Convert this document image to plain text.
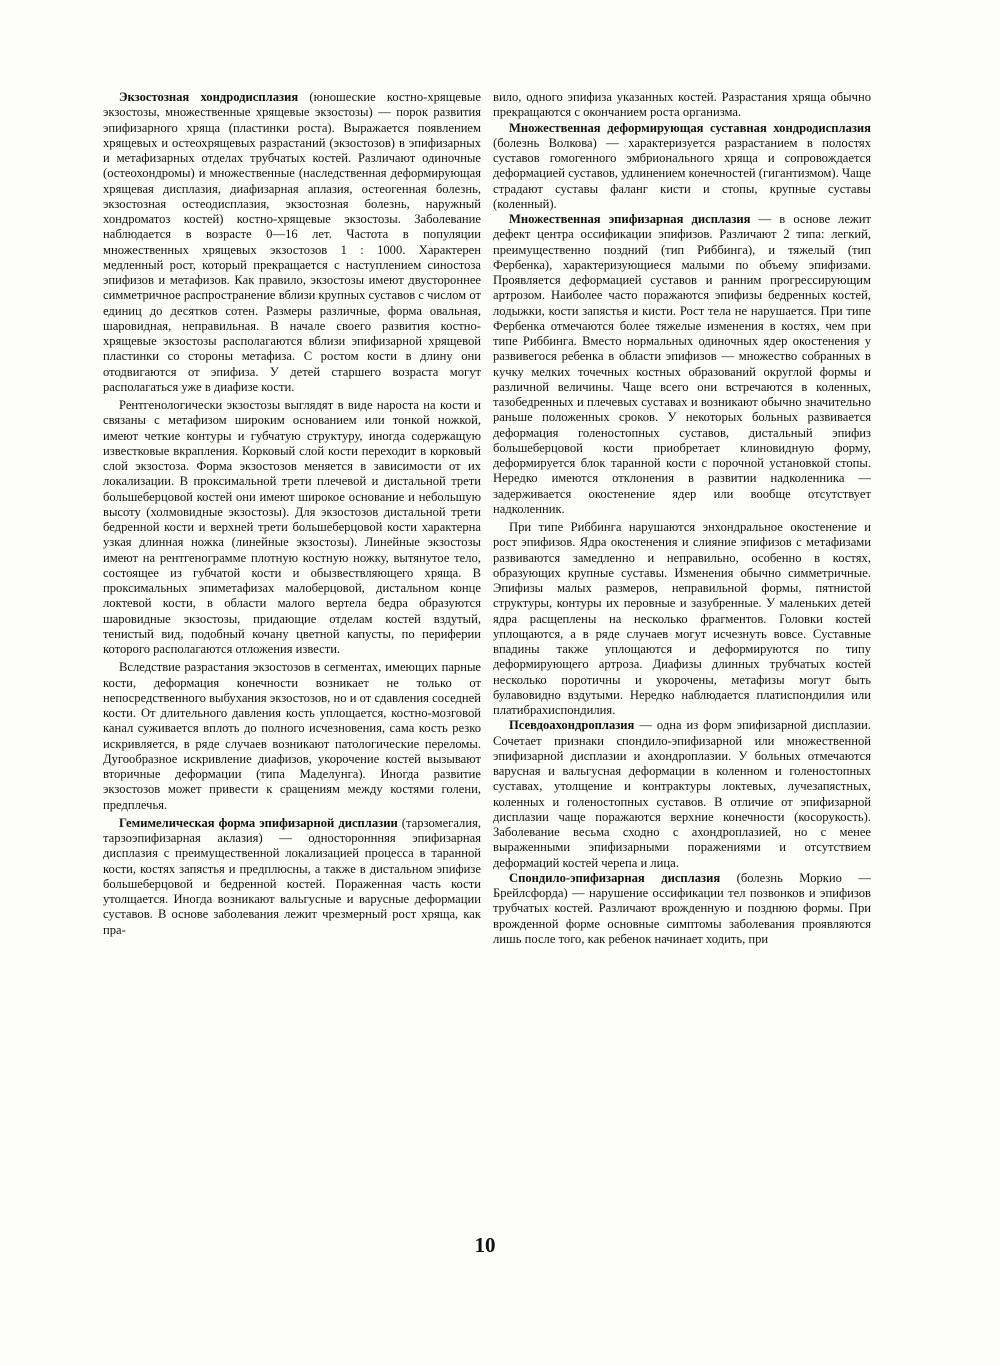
Экзостозная хондродисплазия (юношеские костно-хрящевые экзостозы, множественные хрящевые экзостозы) — порок развития эпифизарного хряща (пластинки роста). Выражается появлением хрящевых и остеохрящевых разрастаний (экзостозов) в эпифизарных и метафизарных отделах трубчатых костей. Различают одиночные (остеохондромы) и множественные (наследственная деформирующая хрящевая дисплазия, диафизарная аплазия, остеогенная болезнь, экзостозная остеодисплазия, экзостозная болезнь, наружный хондроматоз костей) костно-хрящевые экзостозы. Заболевание наблюдается в возрасте 0—16 лет. Частота в популяции множественных хрящевых экзостозов 1 : 1000. Характерен медленный рост, который прекращается с наступлением синостоза эпифизов и метафизов. Как правило, экзостозы имеют двустороннее симметричное распространение вблизи крупных суставов с числом от единиц до десятков сотен. Размеры различные, форма овальная, шаровидная, неправильная. В начале своего развития костно-хрящевые экзостозы располагаются вблизи эпифизарной хрящевой пластинки со стороны метафиза. С ростом кости в длину они отодвигаются от эпифиза. У детей старшего возраста могут располагаться уже в диафизе кости.

Рентгенологически экзостозы выглядят в виде нароста на кости и связаны с метафизом широким основанием или тонкой ножкой, имеют четкие контуры и губчатую структуру, иногда содержащую известковые вкрапления. Корковый слой кости переходит в корковый слой экзостоза. Форма экзостозов меняется в зависимости от их локализации. В проксимальной трети плечевой и дистальной трети большеберцовой костей они имеют широкое основание и небольшую высоту (холмовидные экзостозы). Для экзостозов дистальной трети бедренной кости и верхней трети большеберцовой кости характерна узкая длинная ножка (линейные экзостозы). Линейные экзостозы имеют на рентгенограмме плотную костную ножку, вытянутое тело, состоящее из губчатой кости и обызвествляющего хряща. В проксимальных эпиметафизах малоберцовой, дистальном конце локтевой кости, в области малого вертела бедра образуются шаровидные экзостозы, придающие отделам костей вздутый, тенистый вид, подобный кочану цветной капусты, по периферии которого располагаются отложения извести.

Вследствие разрастания экзостозов в сегментах, имеющих парные кости, деформация конечности возникает не только от непосредственного выбухания экзостозов, но и от сдавления соседней кости. От длительного давления кость уплощается, костно-мозговой канал суживается вплоть до полного исчезновения, сама кость резко искривляется, в ряде случаев возникают патологические переломы. Дугообразное искривление диафизов, укорочение костей вызывают вторичные деформации (типа Маделунга). Иногда развитие экзостозов может привести к сращениям между костями голени, предплечья.

Гемимелическая форма эпифизарной дисплазии (тарзомегалия, тарзоэпифизарная аклазия) — одностороннняя эпифизарная дисплазия с преимущественной локализацией процесса в таранной кости, костях запястья и предплюсны, а также в дистальном эпифизе большеберцовой и бедренной костей. Пораженная часть кости утолщается. Иногда возникают вальгусные и варусные деформации суставов. В основе заболевания лежит чрезмерный рост хряща, как пра-

вило, одного эпифиза указанных костей. Разрастания хряща обычно прекращаются с окончанием роста организма.

Множественная деформирующая суставная хондродисплазия (болезнь Волкова) — характеризуется разрастанием в полостях суставов гомогенного эмбрионального хряща и сопровождается деформацией суставов, удлинением конечностей (гигантизмом). Чаще страдают суставы фаланг кисти и стопы, крупные суставы (коленный).

Множественная эпифизарная дисплазия — в основе лежит дефект центра оссификации эпифизов. Различают 2 типа: легкий, преимущественно поздний (тип Риббинга), и тяжелый (тип Фербенка), характеризующиеся малыми по объему эпифизами. Проявляется деформацией суставов и ранним прогрессирующим артрозом. Наиболее часто поражаются эпифизы бедренных костей, лодыжки, кости запястья и кисти. Рост тела не нарушается. При типе Фербенка отмечаются более тяжелые изменения в костях, чем при типе Риббинга. Вместо нормальных одиночных ядер окостенения у развивегося ребенка в области эпифизов — множество собранных в кучку мелких точечных костных образований округлой формы и различной величины. Чаще всего они встречаются в коленных, тазобедренных и плечевых суставах и возникают обычно значительно раньше положенных сроков. У некоторых больных развивается деформация голеностопных суставов, дистальный эпифиз большеберцовой кости приобретает клиновидную форму, деформируется блок таранной кости с порочной установкой стопы. Нередко имеются отклонения в развитии надколенника — задерживается окостенение ядер или вообще отсутствует надколенник.

При типе Риббинга нарушаются энхондральное окостенение и рост эпифизов. Ядра окостенения и слияние эпифизов с метафизами развиваются замедленно и неправильно, особенно в костях, образующих крупные суставы. Изменения обычно симметричные. Эпифизы малых размеров, неправильной формы, пятнистой структуры, контуры их перовные и зазубренные. У маленьких детей ядра расщеплены на несколько фрагментов. Головки костей уплощаются, а в ряде случаев могут исчезнуть вовсе. Суставные впадины также уплощаются и деформируются по типу деформирующего артроза. Диафизы длинных трубчатых костей несколько поротичны и укорочены, метафизы могут быть булавовидно вздутыми. Нередко наблюдается платиспондилия или платибрахиспондилия.

Псевдоахондроплазия — одна из форм эпифизарной дисплазии. Сочетает признаки спондило-эпифизарной или множественной эпифизарной дисплазии и ахондроплазии. У больных отмечаются варусная и вальгусная деформации в коленном и голеностопных суставах, утолщение и контрактуры локтевых, лучезапястных, коленных и голеностопных суставов. В отличие от эпифизарной дисплазии чаще поражаются верхние конечности (косорукость). Заболевание весьма сходно с ахондроплазией, но с менее выраженными эпифизарными поражениями и отсутствием деформаций костей черепа и лица.

Спондило-эпифизарная дисплазия (болезнь Моркио — Брейлсфорда) — нарушение оссификации тел позвонков и эпифизов трубчатых костей. Различают врожденную и позднюю формы. При врожденной форме основные симптомы заболевания проявляются лишь после того, как ребенок начинает ходить, при

10
